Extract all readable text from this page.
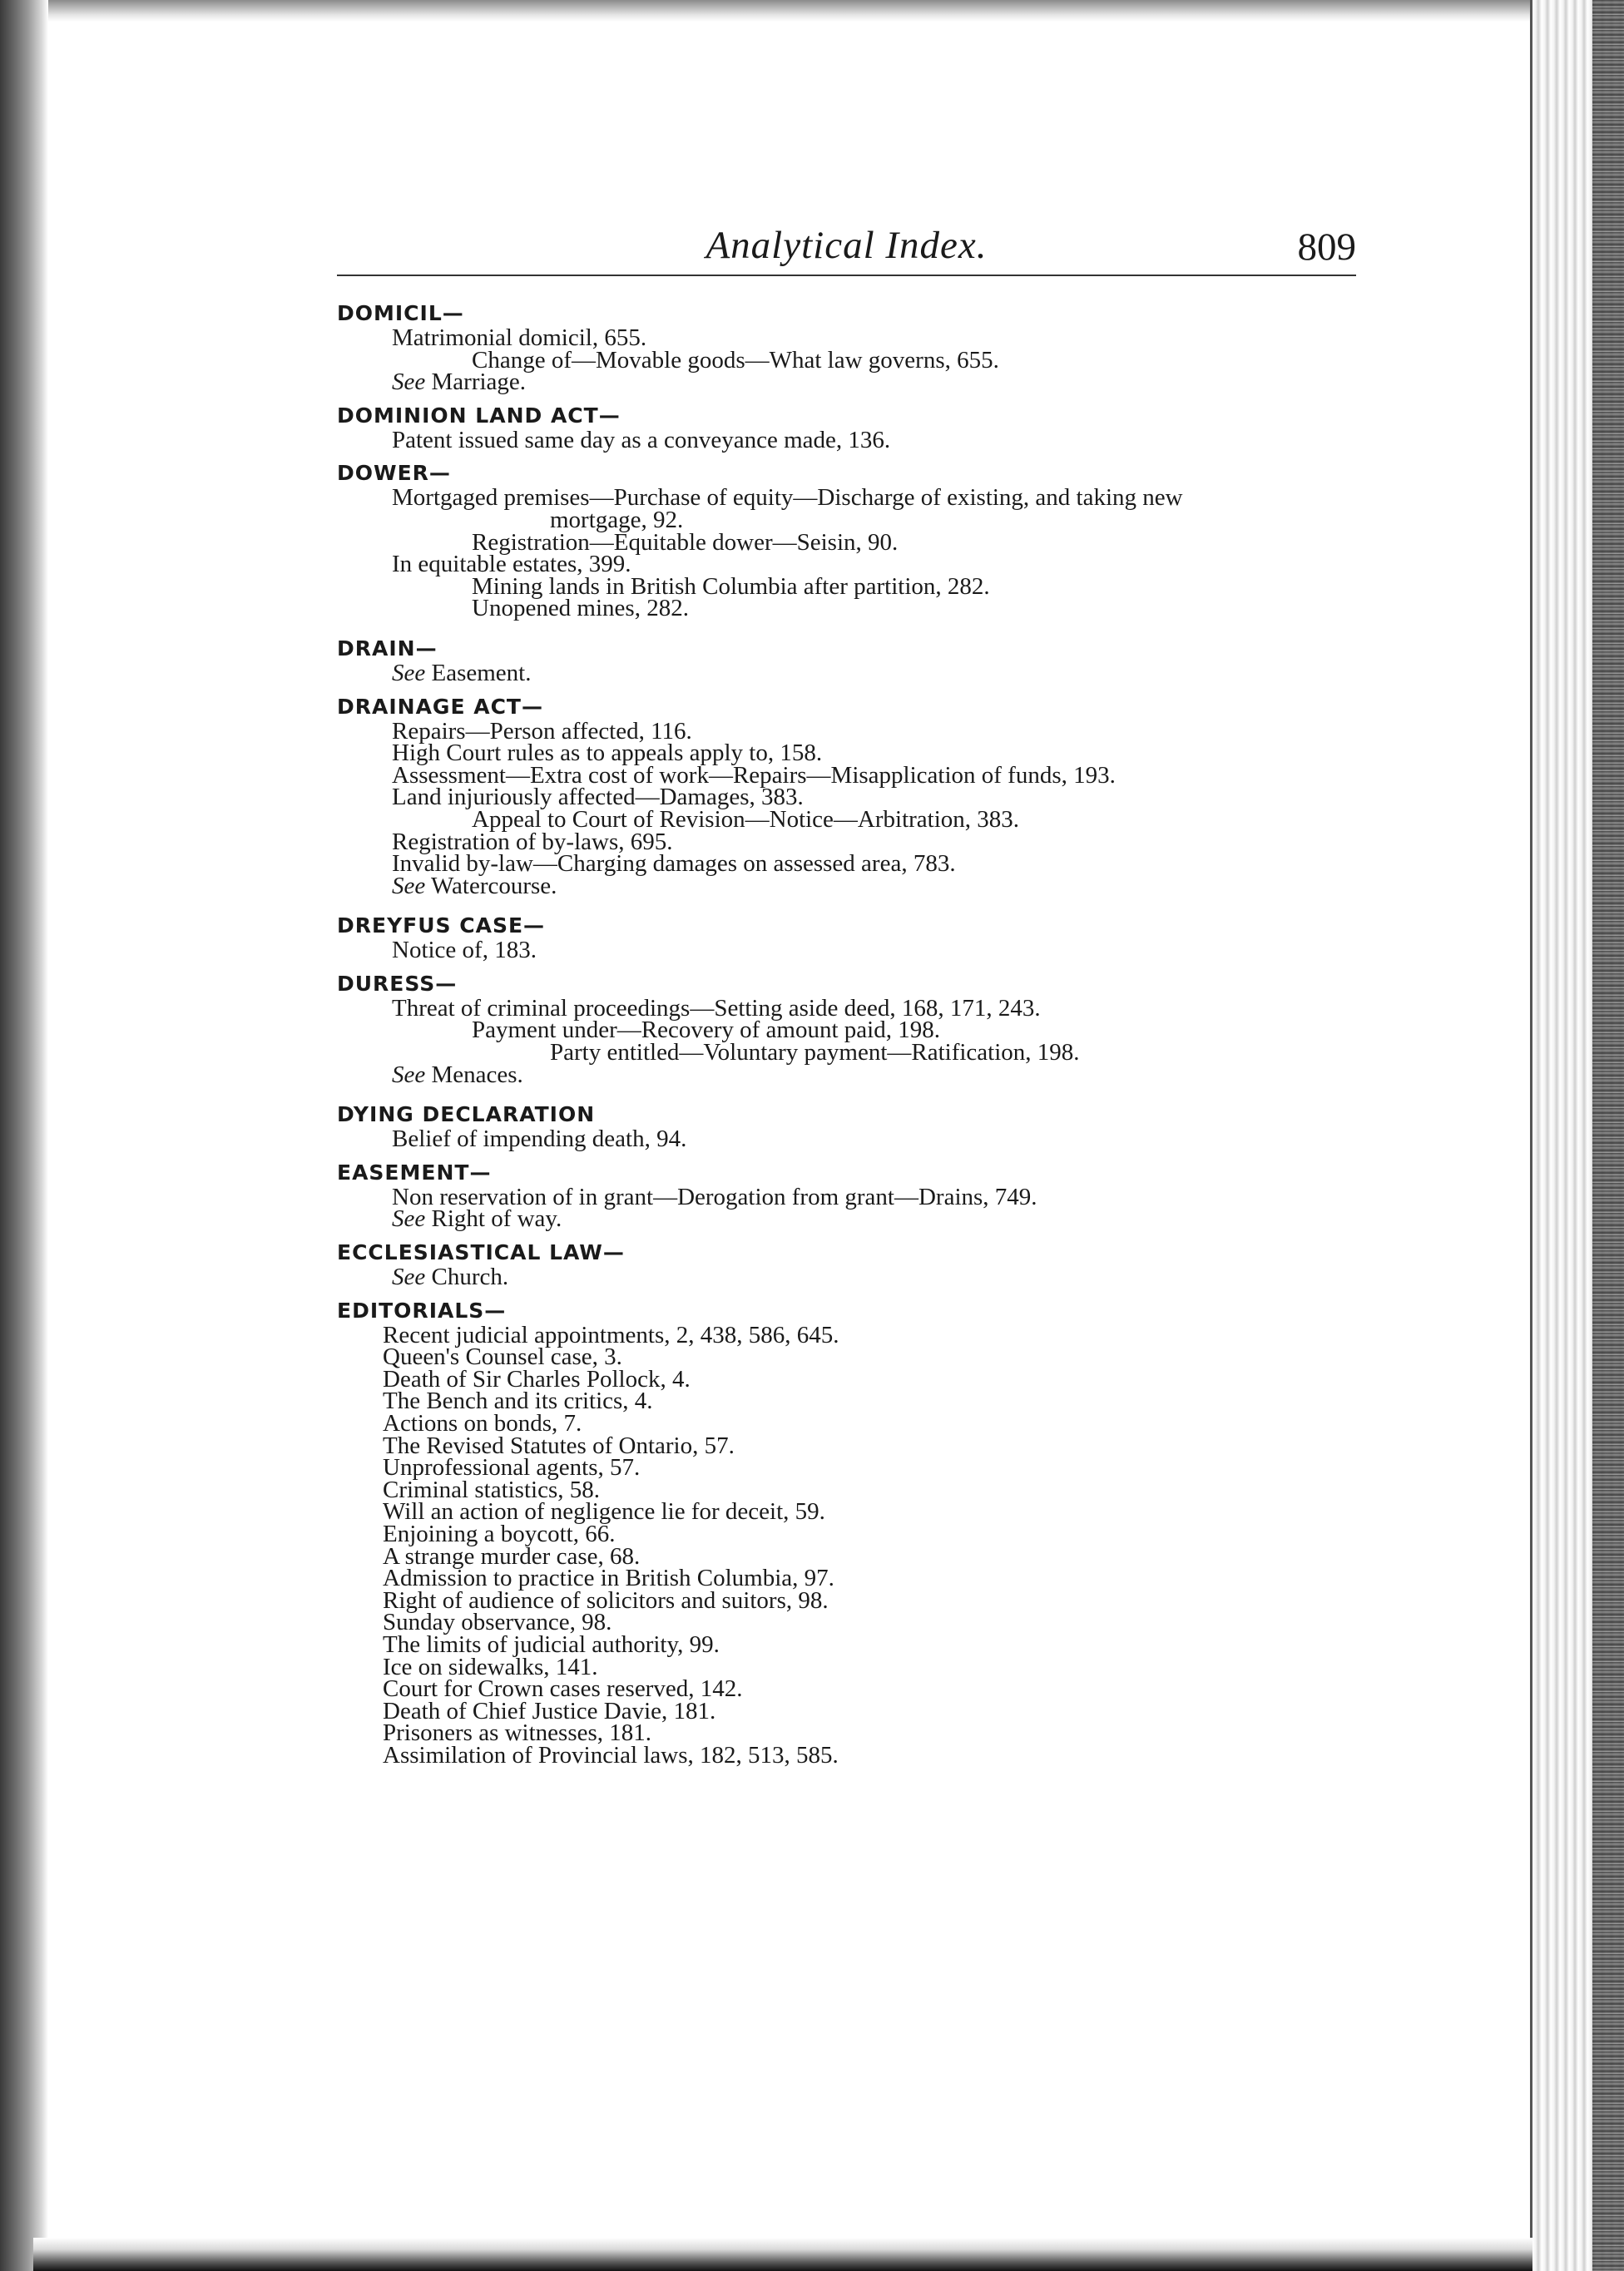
Analytical Index.	809
DOMICIL—
Matrimonial domicil, 655.
Change of—Movable goods—What law governs, 655.
See Marriage.
DOMINION LAND ACT—
Patent issued same day as a conveyance made, 136.
DOWER—
Mortgaged premises—Purchase of equity—Discharge of existing, and taking new
mortgage, 92.
Registration—Equitable dower—Seisin, 90.
In equitable estates, 399.
Mining lands in British Columbia after partition, 282.
Unopened mines, 282.
DRAIN—
See Easement.
DRAINAGE ACT—
Repairs—Person affected, 116.
High Court rules as to appeals apply to, 158.
Assessment—Extra cost of work—Repairs—Misapplication of funds, 193.
Land injuriously affected—Damages, 383.
Appeal to Court of Revision—Notice—Arbitration, 383.
Registration of by-laws, 695.
Invalid by-law—Charging damages on assessed area, 783.
See Watercourse.
DREYFUS CASE—
Notice of, 183.
DURESS—
Threat of criminal proceedings—Setting aside deed, 168, 171, 243.
Payment under—Recovery of amount paid, 198.
Party entitled—Voluntary payment—Ratification, 198.
See Menaces.
DYING DECLARATION
Belief of impending death, 94.
EASEMENT—
Non reservation of in grant—Derogation from grant—Drains, 749.
See Right of way.
ECCLESIASTICAL LAW—
See Church.
EDITORIALS—
Recent judicial appointments, 2, 438, 586, 645.
Queen's Counsel case, 3.
Death of Sir Charles Pollock, 4.
The Bench and its critics, 4.
Actions on bonds, 7.
The Revised Statutes of Ontario, 57.
Unprofessional agents, 57.
Criminal statistics, 58.
Will an action of negligence lie for deceit, 59.
Enjoining a boycott, 66.
A strange murder case, 68.
Admission to practice in British Columbia, 97.
Right of audience of solicitors and suitors, 98.
Sunday observance, 98.
The limits of judicial authority, 99.
Ice on sidewalks, 141.
Court for Crown cases reserved, 142.
Death of Chief Justice Davie, 181.
Prisoners as witnesses, 181.
Assimilation of Provincial laws, 182, 513, 585.
